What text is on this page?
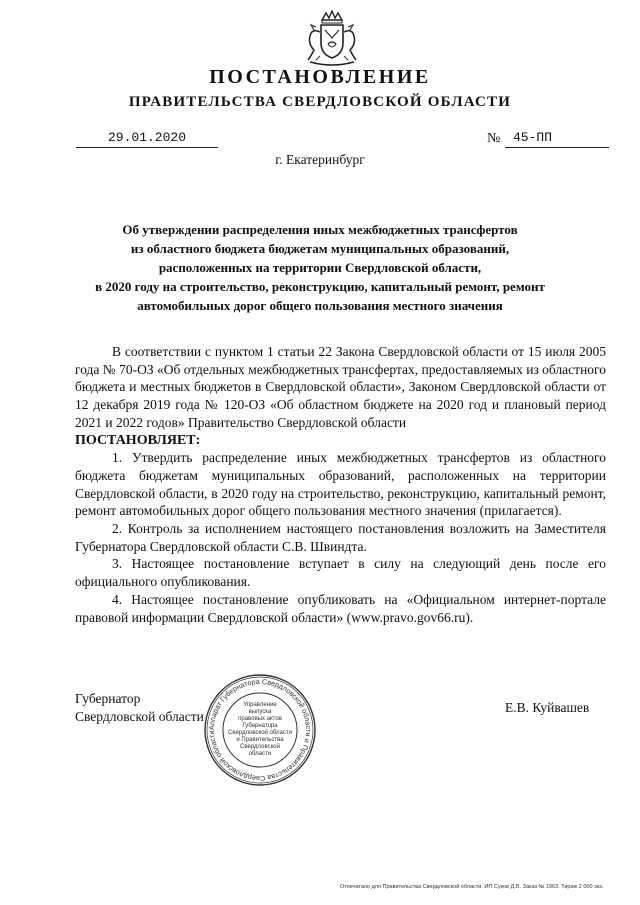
ПОСТАНОВЛЕНИЕ
ПРАВИТЕЛЬСТВА СВЕРДЛОВСКОЙ ОБЛАСТИ
29.01.2020	№ 45-ПП
г. Екатеринбург
Об утверждении распределения иных межбюджетных трансфертов
из областного бюджета бюджетам муниципальных образований,
расположенных на территории Свердловской области,
в 2020 году на строительство, реконструкцию, капитальный ремонт, ремонт
автомобильных дорог общего пользования местного значения

В соответствии с пунктом 1 статьи 22 Закона Свердловской области от 15 июля 2005 года № 70-ОЗ «Об отдельных межбюджетных трансфертах, предоставляемых из областного бюджета и местных бюджетов в Свердловской области», Законом Свердловской области от 12 декабря 2019 года № 120-ОЗ «Об областном бюджете на 2020 год и плановый период 2021 и 2022 годов» Правительство Свердловской области

ПОСТАНОВЛЯЕТ:

1. Утвердить распределение иных межбюджетных трансфертов из областного бюджета бюджетам муниципальных образований, расположенных на территории Свердловской области, в 2020 году на строительство, реконструкцию, капитальный ремонт, ремонт автомобильных дорог общего пользования местного значения (прилагается).

2. Контроль за исполнением настоящего постановления возложить на Заместителя Губернатора Свердловской области С.В. Швиндта.

3. Настоящее постановление вступает в силу на следующий день после его официального опубликования.

4. Настоящее постановление опубликовать на «Официальном интернет-портале правовой информации Свердловской области» (www.pravo.gov66.ru).

Губернатор
Свердловской области
Е.В. Куйвашев
Аппарат Губернатора Свердловской области и Правительства Свердловской области
Управление
выпуска
правовых актов
Губернатора
Свердловской области
и Правительства
Свердловской
области
Отпечатано для Правительства Свердловской области. ИП Суков Д.В. Заказ № 1963. Тираж 2 000 экз.
